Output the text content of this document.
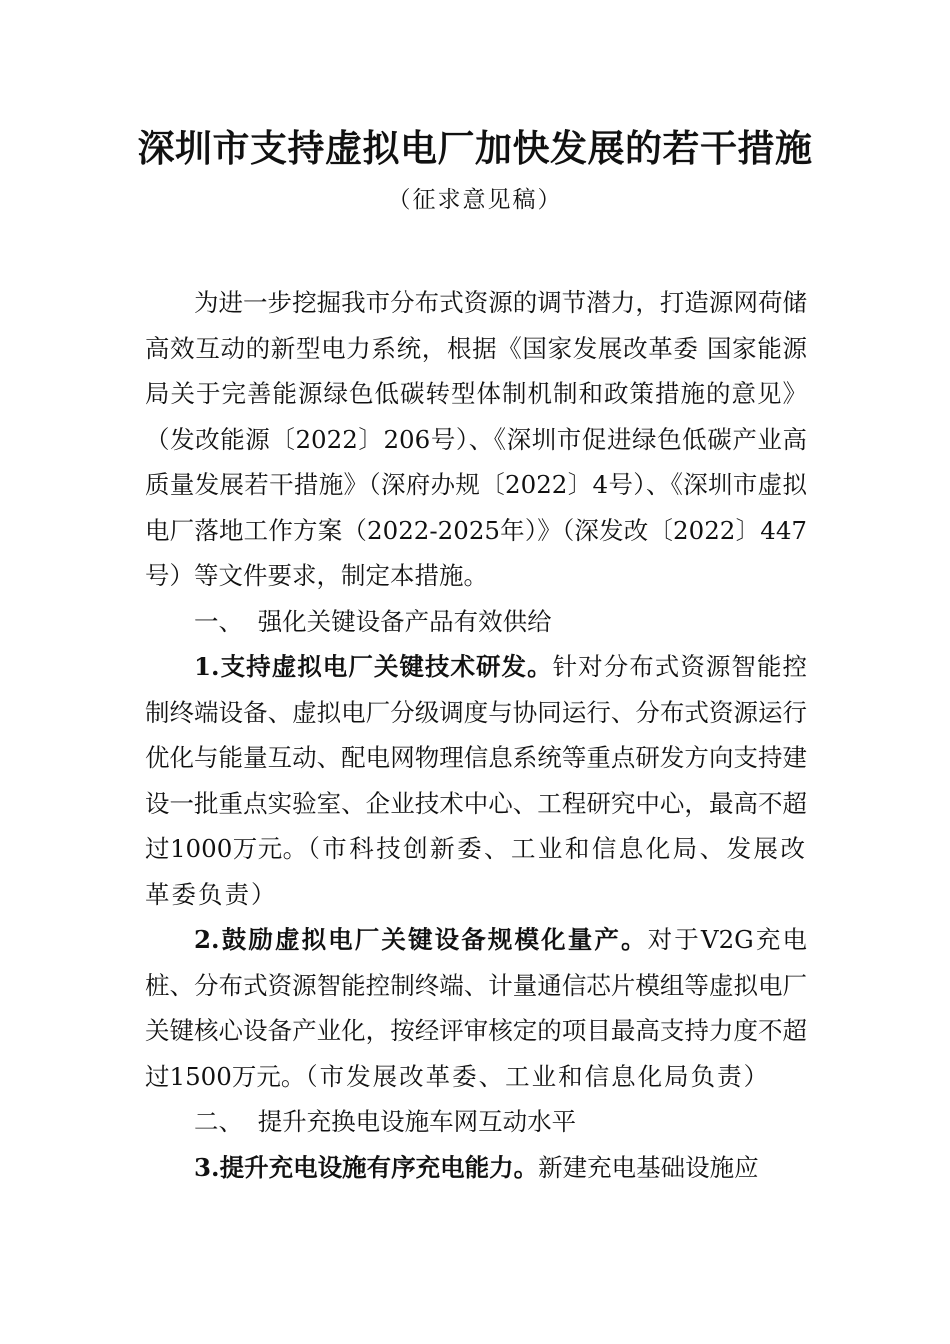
深圳市支持虚拟电厂加快发展的若干措施
（征求意见稿）

为进一步挖掘我市分布式资源的调节潜力，打造源网荷储高效互动的新型电力系统，根据《国家发展改革委 国家能源局关于完善能源绿色低碳转型体制机制和政策措施的意见》（发改能源〔2022〕206号）、《深圳市促进绿色低碳产业高质量发展若干措施》（深府办规〔2022〕4号）、《深圳市虚拟电厂落地工作方案（2022-2025年）》（深发改〔2022〕447号）等文件要求，制定本措施。

一、 强化关键设备产品有效供给

1.支持虚拟电厂关键技术研发。针对分布式资源智能控制终端设备、虚拟电厂分级调度与协同运行、分布式资源运行优化与能量互动、配电网物理信息系统等重点研发方向支持建设一批重点实验室、企业技术中心、工程研究中心，最高不超过1000万元。（市科技创新委、工业和信息化局、发展改革委负责）

2.鼓励虚拟电厂关键设备规模化量产。对于V2G充电桩、分布式资源智能控制终端、计量通信芯片模组等虚拟电厂关键核心设备产业化，按经评审核定的项目最高支持力度不超过1500万元。（市发展改革委、工业和信息化局负责）

二、 提升充换电设施车网互动水平

3.提升充电设施有序充电能力。新建充电基础设施应
